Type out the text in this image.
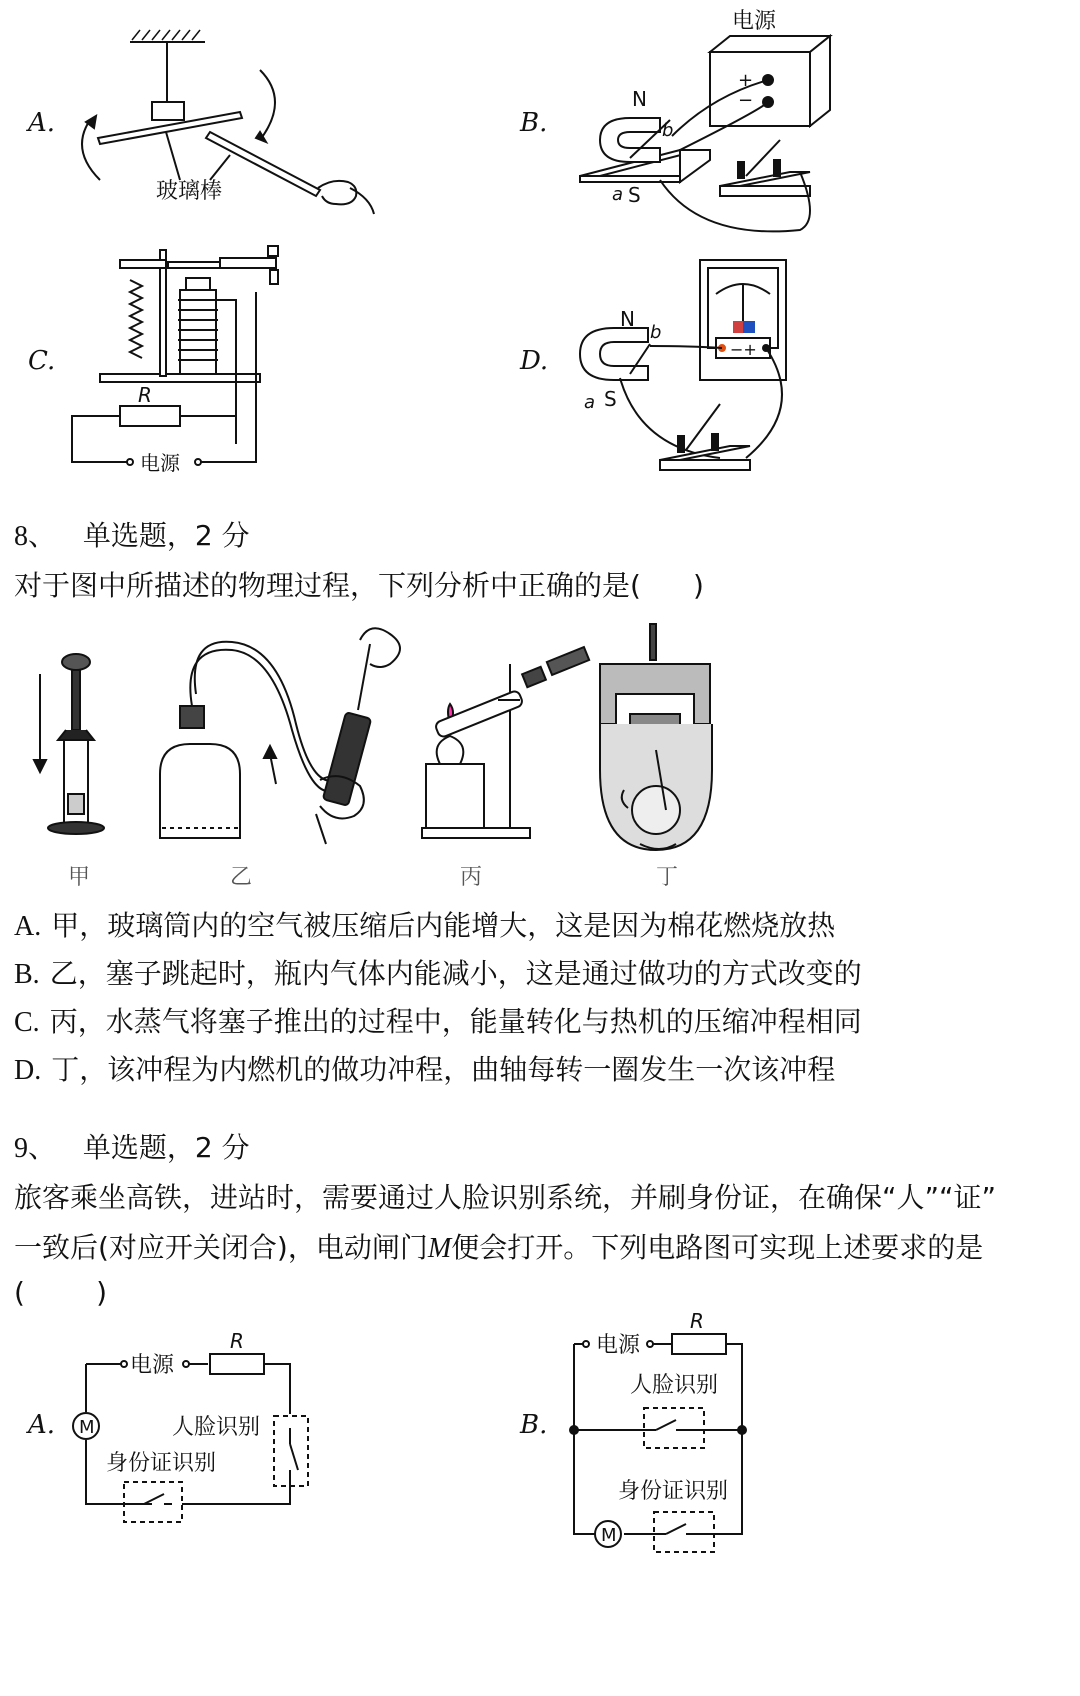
A.
玻璃棒
B.
电源
+
−
N
S
a
b
C.
R
电源
D.
N
S
a
b
−+
8、 单选题，2 分
对于图中所描述的物理过程，下列分析中正确的是( )
甲	乙	丙	丁
A. 甲，玻璃筒内的空气被压缩后内能增大，这是因为棉花燃烧放热
B. 乙，塞子跳起时，瓶内气体内能减小，这是通过做功的方式改变的
C. 丙，水蒸气将塞子推出的过程中，能量转化与热机的压缩冲程相同
D. 丁，该冲程为内燃机的做功冲程，曲轴每转一圈发生一次该冲程
9、 单选题，2 分
旅客乘坐高铁，进站时，需要通过人脸识别系统，并刷身份证，在确保“人”“证”
一致后(对应开关闭合)，电动闸门M便会打开。下列电路图可实现上述要求的是
(        )
A.
电源
R
人脸识别
身份证识别
M	B.
电源
R
人脸识别
身份证识别
M
